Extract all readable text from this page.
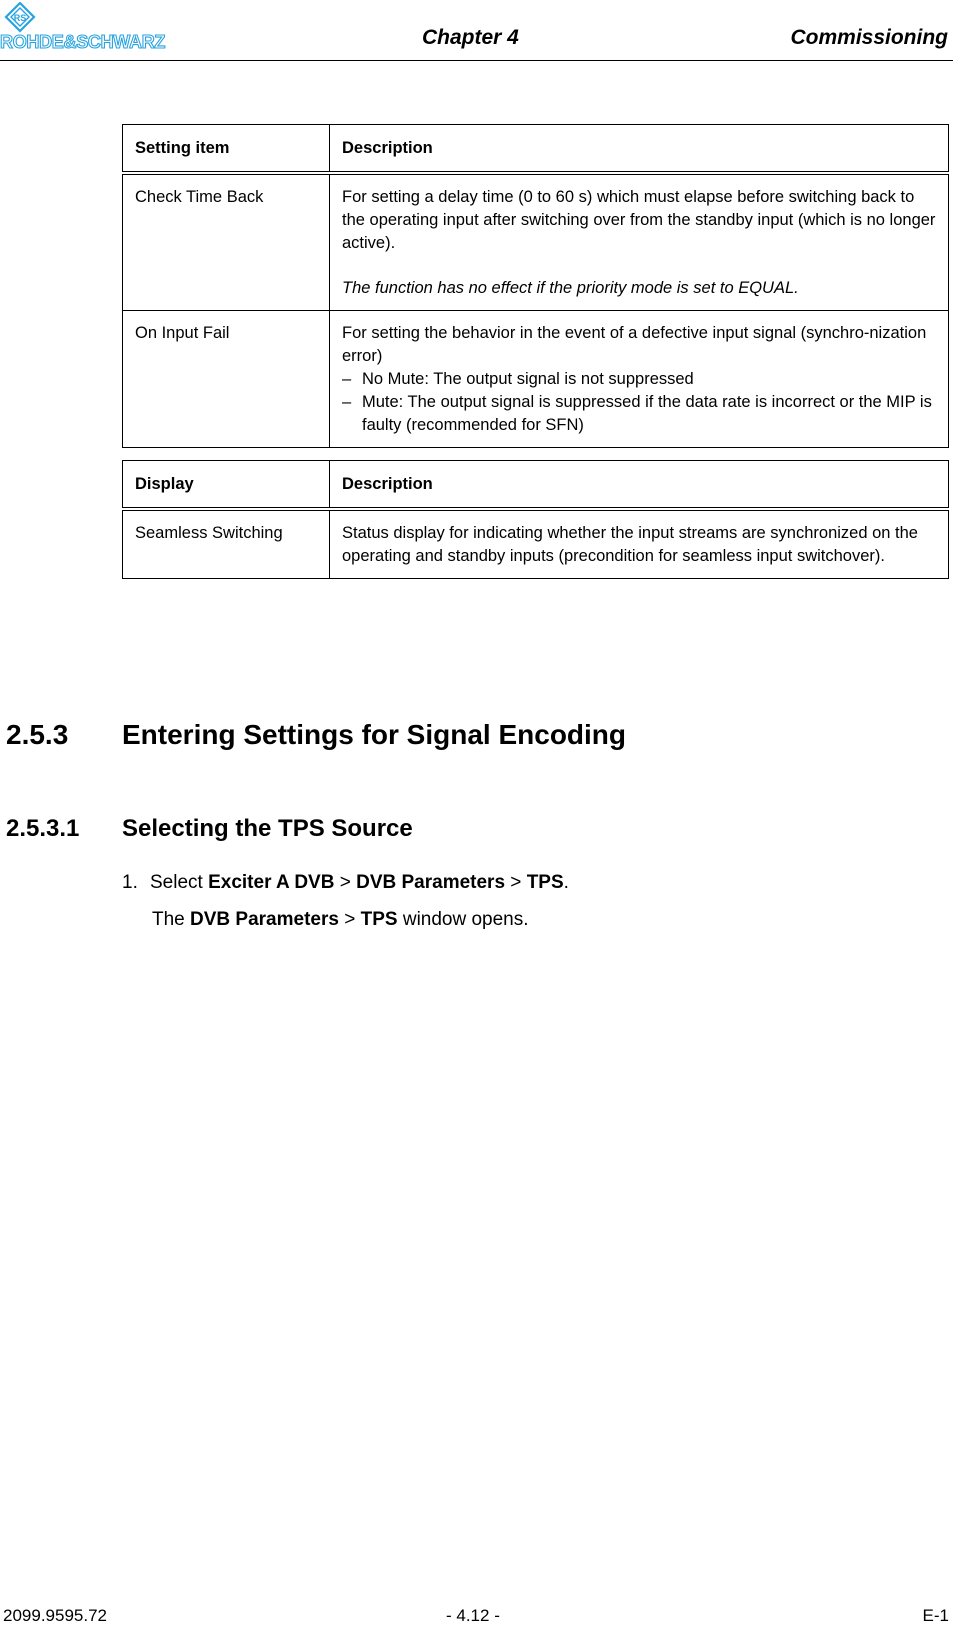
RS
ROHDE&SCHWARZ	Chapter 4	Commissioning
Setting item	Description
Check Time Back	For setting a delay time (0 to 60 s) which must elapse before switching back to the operating input after switching over from the standby input (which is no longer active).
The function has no effect if the priority mode is set to EQUAL.

On Input Fail	For setting the behavior in the event of a defective input signal (synchro-nization error)
– No Mute: The output signal is not suppressed
– Mute: The output signal is suppressed if the data rate is incorrect or the MIP is faulty (recommended for SFN)
Display	Description
Seamless Switching	Status display for indicating whether the input streams are synchronized on the operating and standby inputs (precondition for seamless input switchover).
2.5.3 Entering Settings for Signal Encoding
2.5.3.1 Selecting the TPS Source
1. Select Exciter A DVB > DVB Parameters > TPS.
The DVB Parameters > TPS window opens.
2099.9595.72	- 4.12 -	E-1
